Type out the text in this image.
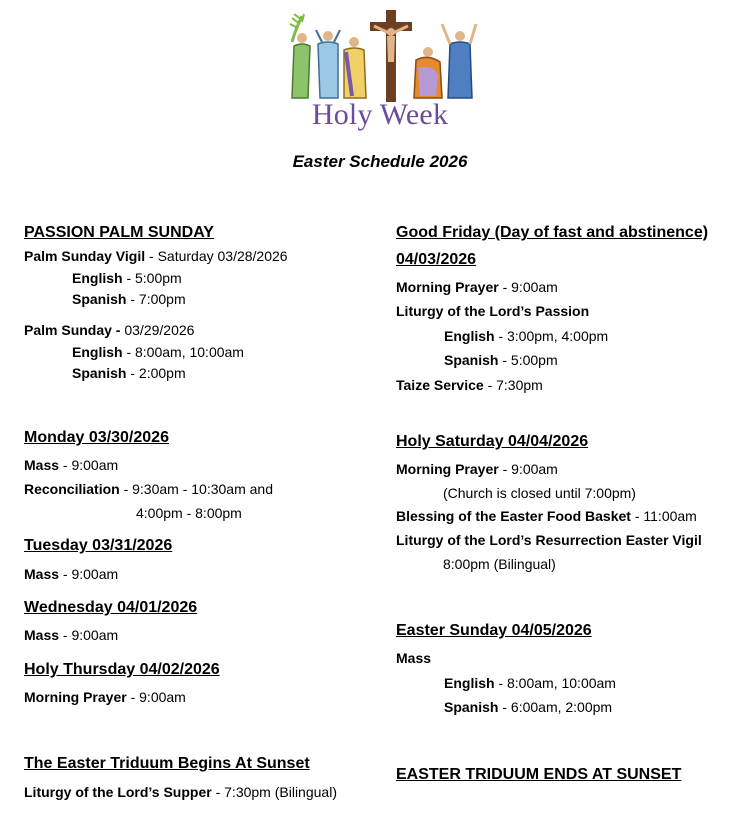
Holy Week
Easter Schedule 2026
PASSION PALM SUNDAY
Palm Sunday Vigil - Saturday 03/28/2026
English - 5:00pm
Spanish - 7:00pm
Palm Sunday - 03/29/2026
English - 8:00am, 10:00am
Spanish - 2:00pm
Monday 03/30/2026
Mass - 9:00am
Reconciliation - 9:30am - 10:30am and
4:00pm - 8:00pm
Tuesday 03/31/2026
Mass - 9:00am
Wednesday 04/01/2026
Mass - 9:00am
Holy Thursday 04/02/2026
Morning Prayer - 9:00am
The Easter Triduum Begins At Sunset
Liturgy of the Lord’s Supper - 7:30pm (Bilingual)
Good Friday (Day of fast and abstinence)
04/03/2026
Morning Prayer - 9:00am
Liturgy of the Lord’s Passion
English - 3:00pm, 4:00pm
Spanish - 5:00pm
Taize Service - 7:30pm
Holy Saturday 04/04/2026
Morning Prayer - 9:00am
(Church is closed until 7:00pm)
Blessing of the Easter Food Basket - 11:00am
Liturgy of the Lord’s Resurrection Easter Vigil
8:00pm (Bilingual)
Easter Sunday 04/05/2026
Mass
English - 8:00am, 10:00am
Spanish - 6:00am, 2:00pm
EASTER TRIDUUM ENDS AT SUNSET
